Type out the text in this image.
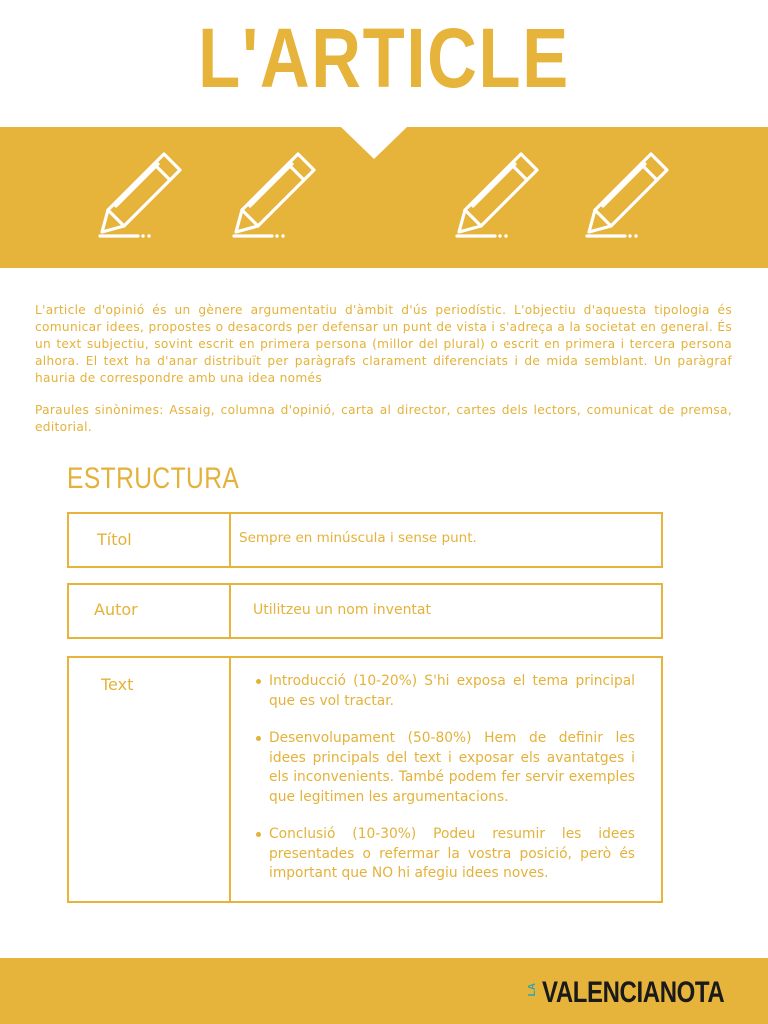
L'ARTICLE

L'article d'opinió és un gènere argumentatiu d'àmbit d'ús periodístic. L'objectiu d'aquesta tipologia és comunicar idees, propostes o desacords per defensar un punt de vista i s'adreça a la societat en general. És un text subjectiu, sovint escrit en primera persona (millor del plural) o escrit en primera i tercera persona alhora. El text ha d'anar distribuït per paràgrafs clarament diferenciats i de mida semblant. Un paràgraf hauria de correspondre amb una idea només

Paraules sinònimes: Assaig, columna d'opinió, carta al director, cartes dels lectors, comunicat de premsa, editorial.

ESTRUCTURA
Títol	Sempre en minúscula i sense punt.
Autor	Utilitzeu un nom inventat
Text	Introducció (10-20%) S'hi exposa el tema principal que es vol tractar.
Desenvolupament (50-80%) Hem de definir les idees principals del text i exposar els avantatges i els inconvenients. També podem fer servir exemples que legitimen les argumentacions.
Conclusió (10-30%) Podeu resumir les idees presentades o refermar la vostra posició, però és important que NO hi afegiu idees noves.
LA VALENCIANOTA
